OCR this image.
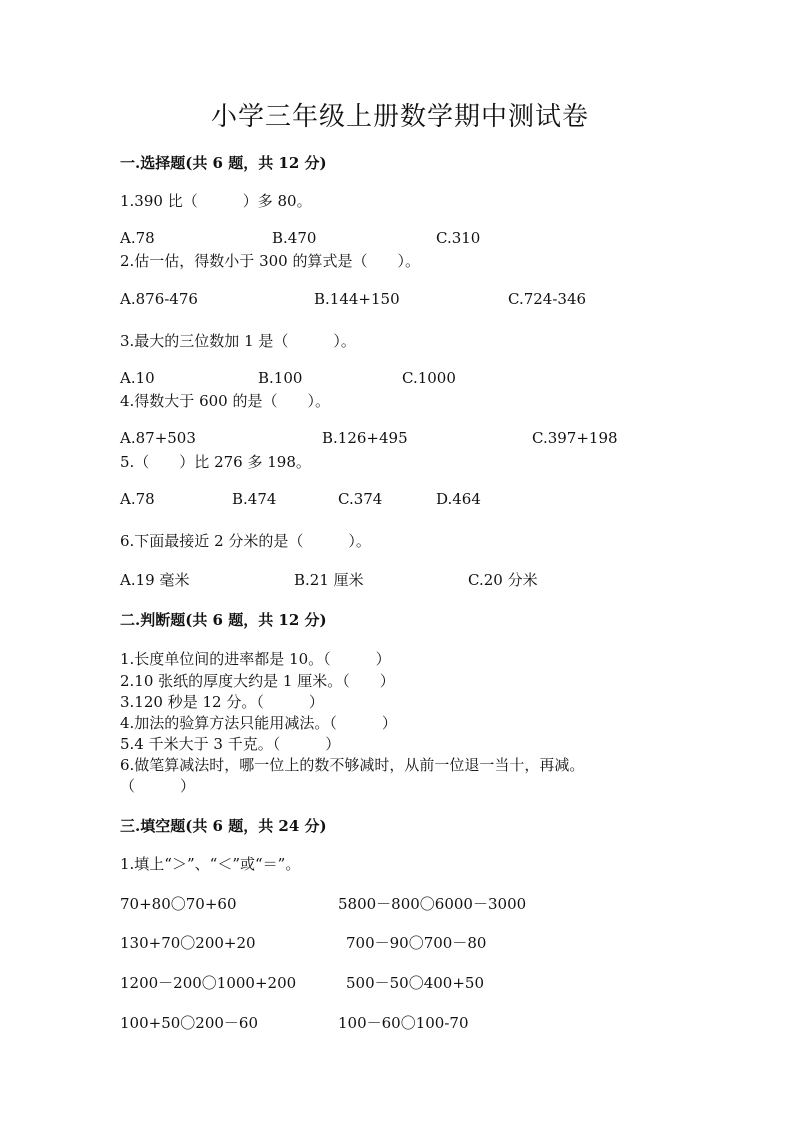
小学三年级上册数学期中测试卷
一.选择题(共 6 题，共 12 分)
1.390 比（　　　）多 80。
A.78	B.470	C.310
2.估一估，得数小于 300 的算式是（　　）。
A.876-476	B.144+150	C.724-346
3.最大的三位数加 1 是（　　　）。
A.10	B.100	C.1000
4.得数大于 600 的是（　　）。
A.87+503	B.126+495	C.397+198
5.（　　）比 276 多 198。
A.78	B.474	C.374	D.464
6.下面最接近 2 分米的是（　　　）。
A.19 毫米	B.21 厘米	C.20 分米
二.判断题(共 6 题，共 12 分)
1.长度单位间的进率都是 10。（　　　）
2.10 张纸的厚度大约是 1 厘米。（　　）
3.120 秒是 12 分。（　　　）
4.加法的验算方法只能用减法。（　　　）
5.4 千米大于 3 千克。（　　　）
6.做笔算减法时，哪一位上的数不够减时，从前一位退一当十，再减。
（　　　）
三.填空题(共 6 题，共 24 分)
1.填上“＞”、“＜”或“＝”。
70+80〇70+60	5800－800〇6000－3000
130+70〇200+20	700－90〇700－80
1200－200〇1000+200	500－50〇400+50
100+50〇200－60	100－60〇100-70
